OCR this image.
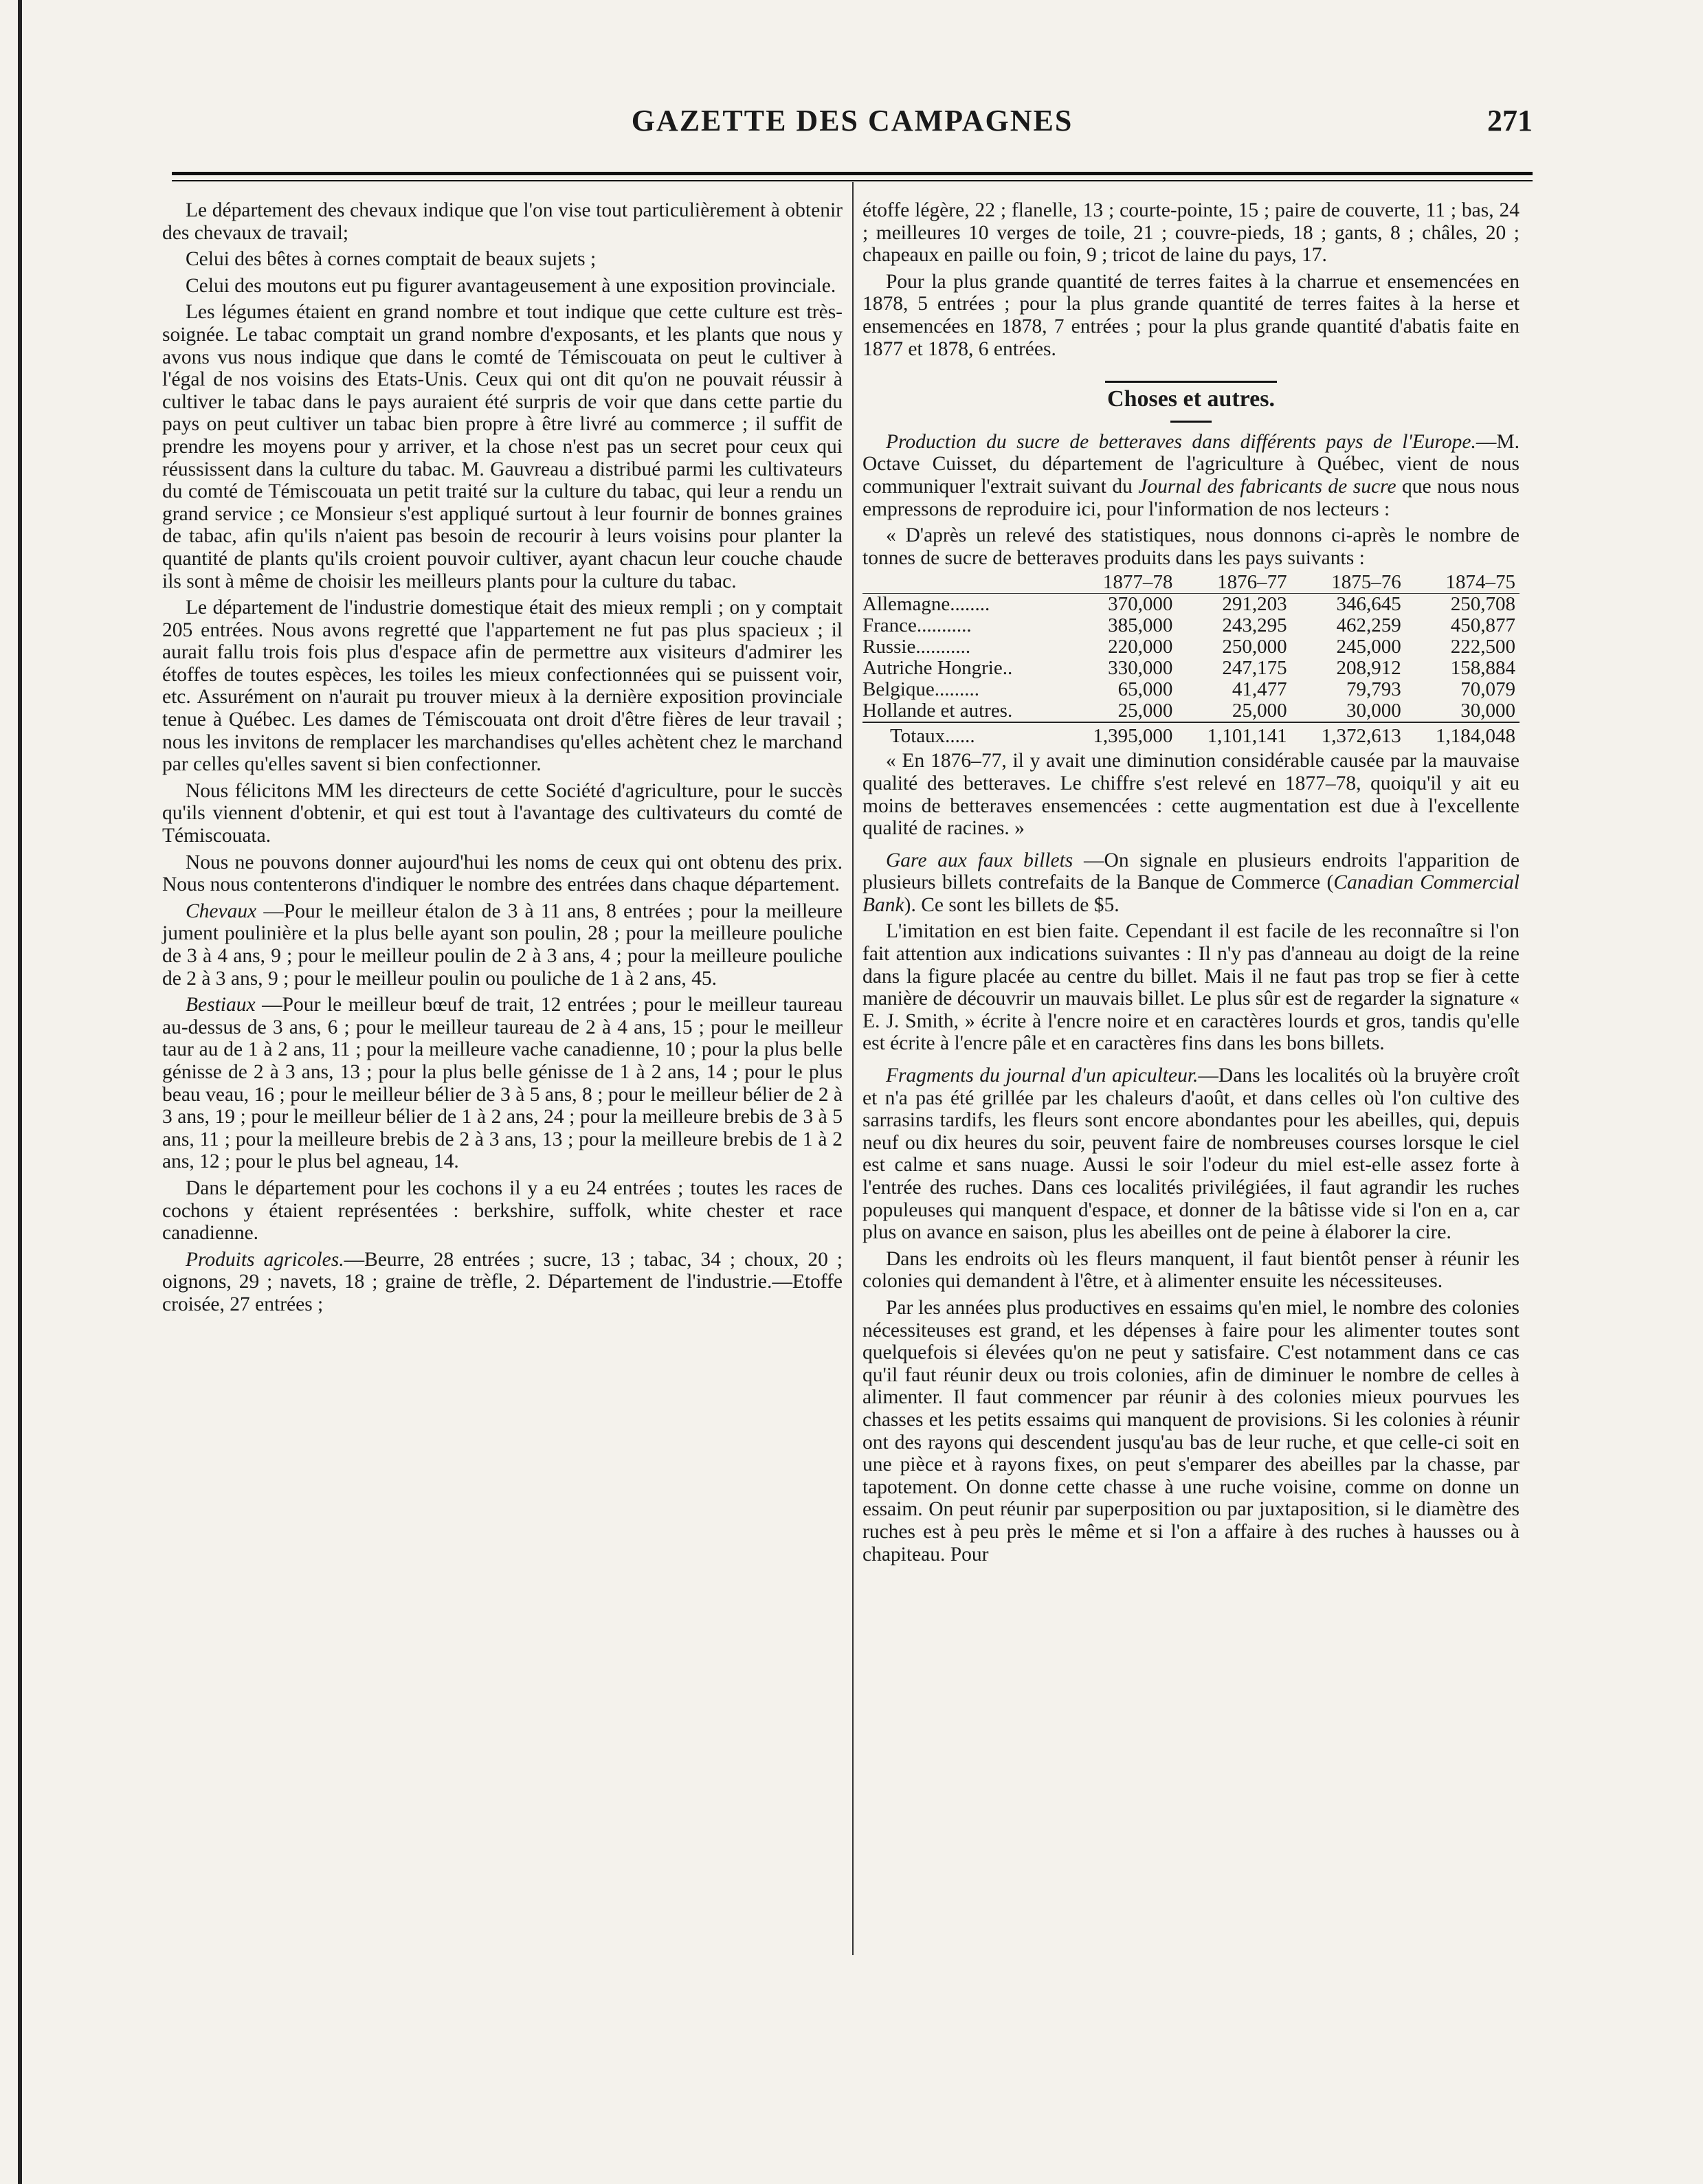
GAZETTE DES CAMPAGNES	271

Le département des chevaux indique que l'on vise tout particulièrement à obtenir des chevaux de travail;

Celui des bêtes à cornes comptait de beaux sujets ;

Celui des moutons eut pu figurer avantageusement à une exposition provinciale.

Les légumes étaient en grand nombre et tout indique que cette culture est très-soignée. Le tabac comptait un grand nombre d'exposants, et les plants que nous y avons vus nous indique que dans le comté de Témiscouata on peut le cultiver à l'égal de nos voisins des Etats-Unis. Ceux qui ont dit qu'on ne pouvait réussir à cultiver le tabac dans le pays auraient été surpris de voir que dans cette partie du pays on peut cultiver un tabac bien propre à être livré au commerce ; il suffit de prendre les moyens pour y arriver, et la chose n'est pas un secret pour ceux qui réussissent dans la culture du tabac. M. Gauvreau a distribué parmi les cultivateurs du comté de Témiscouata un petit traité sur la culture du tabac, qui leur a rendu un grand service ; ce Monsieur s'est appliqué surtout à leur fournir de bonnes graines de tabac, afin qu'ils n'aient pas besoin de recourir à leurs voisins pour planter la quantité de plants qu'ils croient pouvoir cultiver, ayant chacun leur couche chaude ils sont à même de choisir les meilleurs plants pour la culture du tabac.

Le département de l'industrie domestique était des mieux rempli ; on y comptait 205 entrées. Nous avons regretté que l'appartement ne fut pas plus spacieux ; il aurait fallu trois fois plus d'espace afin de permettre aux visiteurs d'admirer les étoffes de toutes espèces, les toiles les mieux confectionnées qui se puissent voir, etc. Assurément on n'aurait pu trouver mieux à la dernière exposition provinciale tenue à Québec. Les dames de Témiscouata ont droit d'être fières de leur travail ; nous les invitons de remplacer les marchandises qu'elles achètent chez le marchand par celles qu'elles savent si bien confectionner.

Nous félicitons MM les directeurs de cette Société d'agriculture, pour le succès qu'ils viennent d'obtenir, et qui est tout à l'avantage des cultivateurs du comté de Témiscouata.

Nous ne pouvons donner aujourd'hui les noms de ceux qui ont obtenu des prix. Nous nous contenterons d'indiquer le nombre des entrées dans chaque département.

Chevaux —Pour le meilleur étalon de 3 à 11 ans, 8 entrées ; pour la meilleure jument poulinière et la plus belle ayant son poulin, 28 ; pour la meilleure pouliche de 3 à 4 ans, 9 ; pour le meilleur poulin de 2 à 3 ans, 4 ; pour la meilleure pouliche de 2 à 3 ans, 9 ; pour le meilleur poulin ou pouliche de 1 à 2 ans, 45.

Bestiaux —Pour le meilleur bœuf de trait, 12 entrées ; pour le meilleur taureau au-dessus de 3 ans, 6 ; pour le meilleur taureau de 2 à 4 ans, 15 ; pour le meilleur taur au de 1 à 2 ans, 11 ; pour la meilleure vache canadienne, 10 ; pour la plus belle génisse de 2 à 3 ans, 13 ; pour la plus belle génisse de 1 à 2 ans, 14 ; pour le plus beau veau, 16 ; pour le meilleur bélier de 3 à 5 ans, 8 ; pour le meilleur bélier de 2 à 3 ans, 19 ; pour le meilleur bélier de 1 à 2 ans, 24 ; pour la meilleure brebis de 3 à 5 ans, 11 ; pour la meilleure brebis de 2 à 3 ans, 13 ; pour la meilleure brebis de 1 à 2 ans, 12 ; pour le plus bel agneau, 14.

Dans le département pour les cochons il y a eu 24 entrées ; toutes les races de cochons y étaient représentées : berkshire, suffolk, white chester et race canadienne.

Produits agricoles.—Beurre, 28 entrées ; sucre, 13 ; tabac, 34 ; choux, 20 ; oignons, 29 ; navets, 18 ; graine de trèfle, 2. Département de l'industrie.—Etoffe croisée, 27 entrées ;

étoffe légère, 22 ; flanelle, 13 ; courte-pointe, 15 ; paire de couverte, 11 ; bas, 24 ; meilleures 10 verges de toile, 21 ; couvre-pieds, 18 ; gants, 8 ; châles, 20 ; chapeaux en paille ou foin, 9 ; tricot de laine du pays, 17.

Pour la plus grande quantité de terres faites à la charrue et ensemencées en 1878, 5 entrées ; pour la plus grande quantité de terres faites à la herse et ensemencées en 1878, 7 entrées ; pour la plus grande quantité d'abatis faite en 1877 et 1878, 6 entrées.

Choses et autres.

Production du sucre de betteraves dans différents pays de l'Europe.—M. Octave Cuisset, du département de l'agriculture à Québec, vient de nous communiquer l'extrait suivant du Journal des fabricants de sucre que nous nous empressons de reproduire ici, pour l'information de nos lecteurs :

« D'après un relevé des statistiques, nous donnons ci-après le nombre de tonnes de sucre de betteraves produits dans les pays suivants :

	1877–78	1876–77	1875–76	1874–75
Allemagne........	370,000	291,203	346,645	250,708
France...........	385,000	243,295	462,259	450,877
Russie...........	220,000	250,000	245,000	222,500
Autriche Hongrie..	330,000	247,175	208,912	158,884
Belgique.........	65,000	41,477	79,793	70,079
Hollande et autres.	25,000	25,000	30,000	30,000
Totaux......	1,395,000	1,101,141	1,372,613	1,184,048

« En 1876–77, il y avait une diminution considérable causée par la mauvaise qualité des betteraves. Le chiffre s'est relevé en 1877–78, quoiqu'il y ait eu moins de betteraves ensemencées : cette augmentation est due à l'excellente qualité de racines. »

Gare aux faux billets —On signale en plusieurs endroits l'apparition de plusieurs billets contrefaits de la Banque de Commerce (Canadian Commercial Bank). Ce sont les billets de $5.

L'imitation en est bien faite. Cependant il est facile de les reconnaître si l'on fait attention aux indications suivantes : Il n'y pas d'anneau au doigt de la reine dans la figure placée au centre du billet. Mais il ne faut pas trop se fier à cette manière de découvrir un mauvais billet. Le plus sûr est de regarder la signature « E. J. Smith, » écrite à l'encre noire et en caractères lourds et gros, tandis qu'elle est écrite à l'encre pâle et en caractères fins dans les bons billets.

Fragments du journal d'un apiculteur.—Dans les localités où la bruyère croît et n'a pas été grillée par les chaleurs d'août, et dans celles où l'on cultive des sarrasins tardifs, les fleurs sont encore abondantes pour les abeilles, qui, depuis neuf ou dix heures du soir, peuvent faire de nombreuses courses lorsque le ciel est calme et sans nuage. Aussi le soir l'odeur du miel est-elle assez forte à l'entrée des ruches. Dans ces localités privilégiées, il faut agrandir les ruches populeuses qui manquent d'espace, et donner de la bâtisse vide si l'on en a, car plus on avance en saison, plus les abeilles ont de peine à élaborer la cire.

Dans les endroits où les fleurs manquent, il faut bientôt penser à réunir les colonies qui demandent à l'être, et à alimenter ensuite les nécessiteuses.

Par les années plus productives en essaims qu'en miel, le nombre des colonies nécessiteuses est grand, et les dépenses à faire pour les alimenter toutes sont quelquefois si élevées qu'on ne peut y satisfaire. C'est notamment dans ce cas qu'il faut réunir deux ou trois colonies, afin de diminuer le nombre de celles à alimenter. Il faut commencer par réunir à des colonies mieux pourvues les chasses et les petits essaims qui manquent de provisions. Si les colonies à réunir ont des rayons qui descendent jusqu'au bas de leur ruche, et que celle-ci soit en une pièce et à rayons fixes, on peut s'emparer des abeilles par la chasse, par tapotement. On donne cette chasse à une ruche voisine, comme on donne un essaim. On peut réunir par superposition ou par juxtaposition, si le diamètre des ruches est à peu près le même et si l'on a affaire à des ruches à hausses ou à chapiteau. Pour
